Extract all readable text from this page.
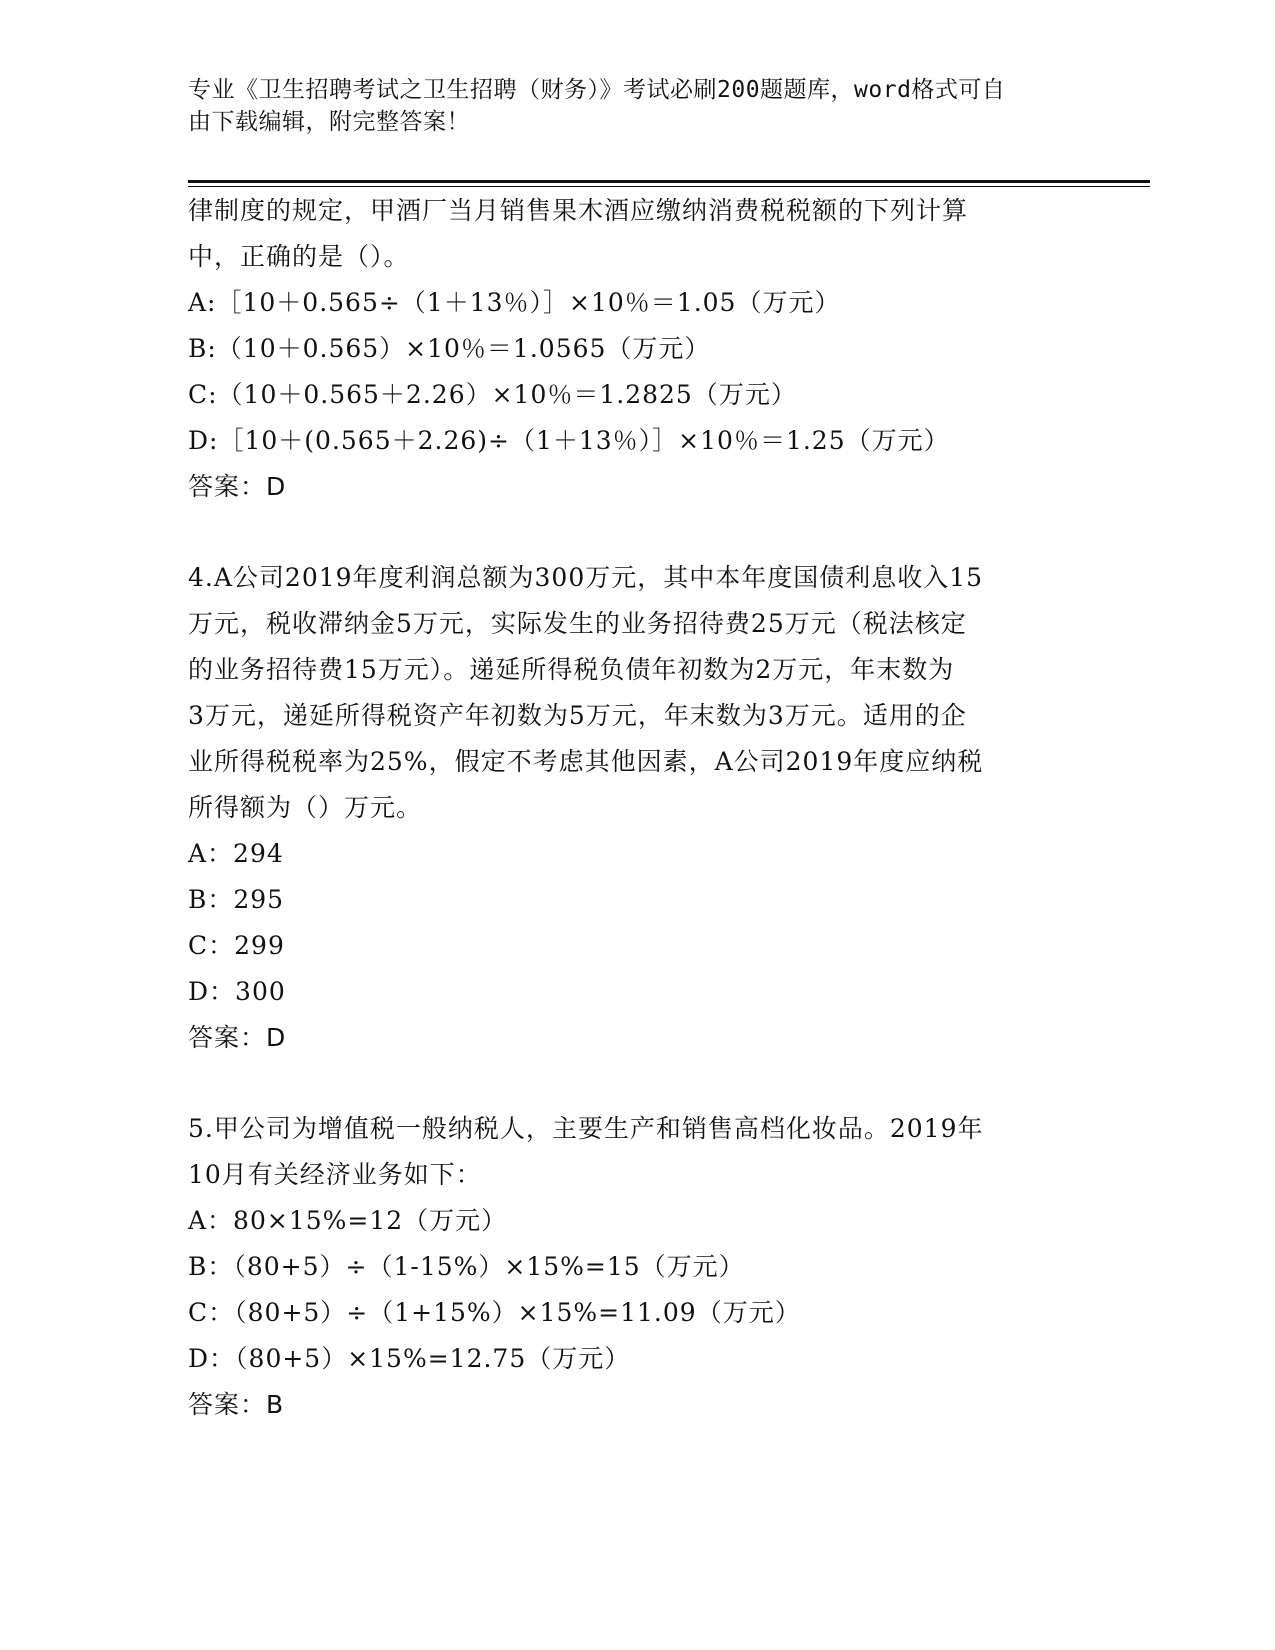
专业《卫生招聘考试之卫生招聘（财务）》考试必刷200题题库，word格式可自
由下载编辑，附完整答案！

律制度的规定，甲酒厂当月销售果木酒应缴纳消费税税额的下列计算

中，正确的是（）。

A:［10＋0.565÷（1＋13％）］×10％＝1.05（万元）

B:（10＋0.565）×10％＝1.0565（万元）

C:（10＋0.565＋2.26）×10％＝1.2825（万元）

D:［10＋(0.565＋2.26)÷（1＋13％）］×10％＝1.25（万元）

答案：D

4.A公司2019年度利润总额为300万元，其中本年度国债利息收入15

万元，税收滞纳金5万元，实际发生的业务招待费25万元（税法核定

的业务招待费15万元）。递延所得税负债年初数为2万元，年末数为

3万元，递延所得税资产年初数为5万元，年末数为3万元。适用的企

业所得税税率为25%，假定不考虑其他因素，A公司2019年度应纳税

所得额为（）万元。

A：294

B：295

C：299

D：300

答案：D

5.甲公司为增值税一般纳税人，主要生产和销售高档化妆品。2019年

10月有关经济业务如下：

A：80×15%=12（万元）

B：（80+5）÷（1-15%）×15%=15（万元）

C：（80+5）÷（1+15%）×15%=11.09（万元）

D：（80+5）×15%=12.75（万元）

答案：B
